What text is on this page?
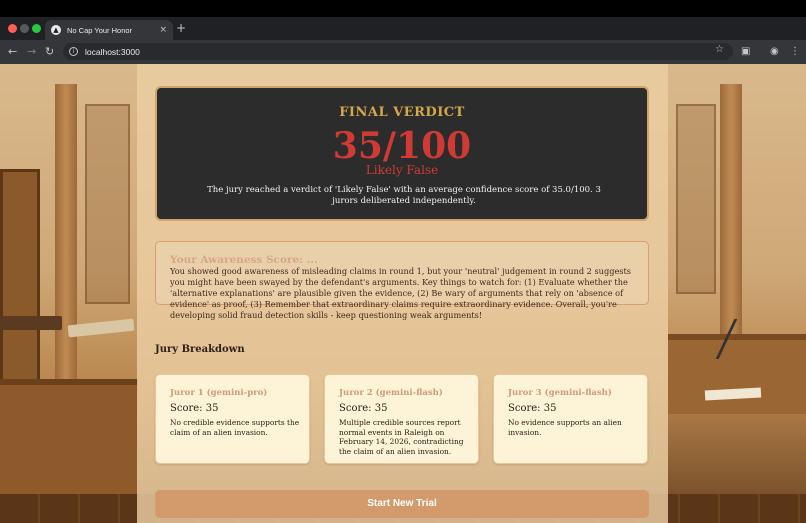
▲	No Cap Your Honor	× +
← → ↻	i	localhost:3000	☆ ▣ ◉ ⋮
FINAL VERDICT
35/100
Likely False
The jury reached a verdict of 'Likely False' with an average confidence score of 35.0/100. 3 jurors deliberated independently.
Your Awareness Score: ...
You showed good awareness of misleading claims in round 1, but your 'neutral' judgement in round 2 suggests you might have been swayed by the defendant's arguments. Key things to watch for: (1) Evaluate whether the 'alternative explanations' are plausible given the evidence, (2) Be wary of arguments that rely on 'absence of evidence' as proof, (3) Remember that extraordinary claims require extraordinary evidence. Overall, you're developing solid fraud detection skills - keep questioning weak arguments!
Jury Breakdown
Juror 1 (gemini-pro)
Score: 35
No credible evidence supports the claim of an alien invasion.
Juror 2 (gemini-flash)
Score: 35
Multiple credible sources report normal events in Raleigh on February 14, 2026, contradicting the claim of an alien invasion.
Juror 3 (gemini-flash)
Score: 35
No evidence supports an alien invasion.
Start New Trial
